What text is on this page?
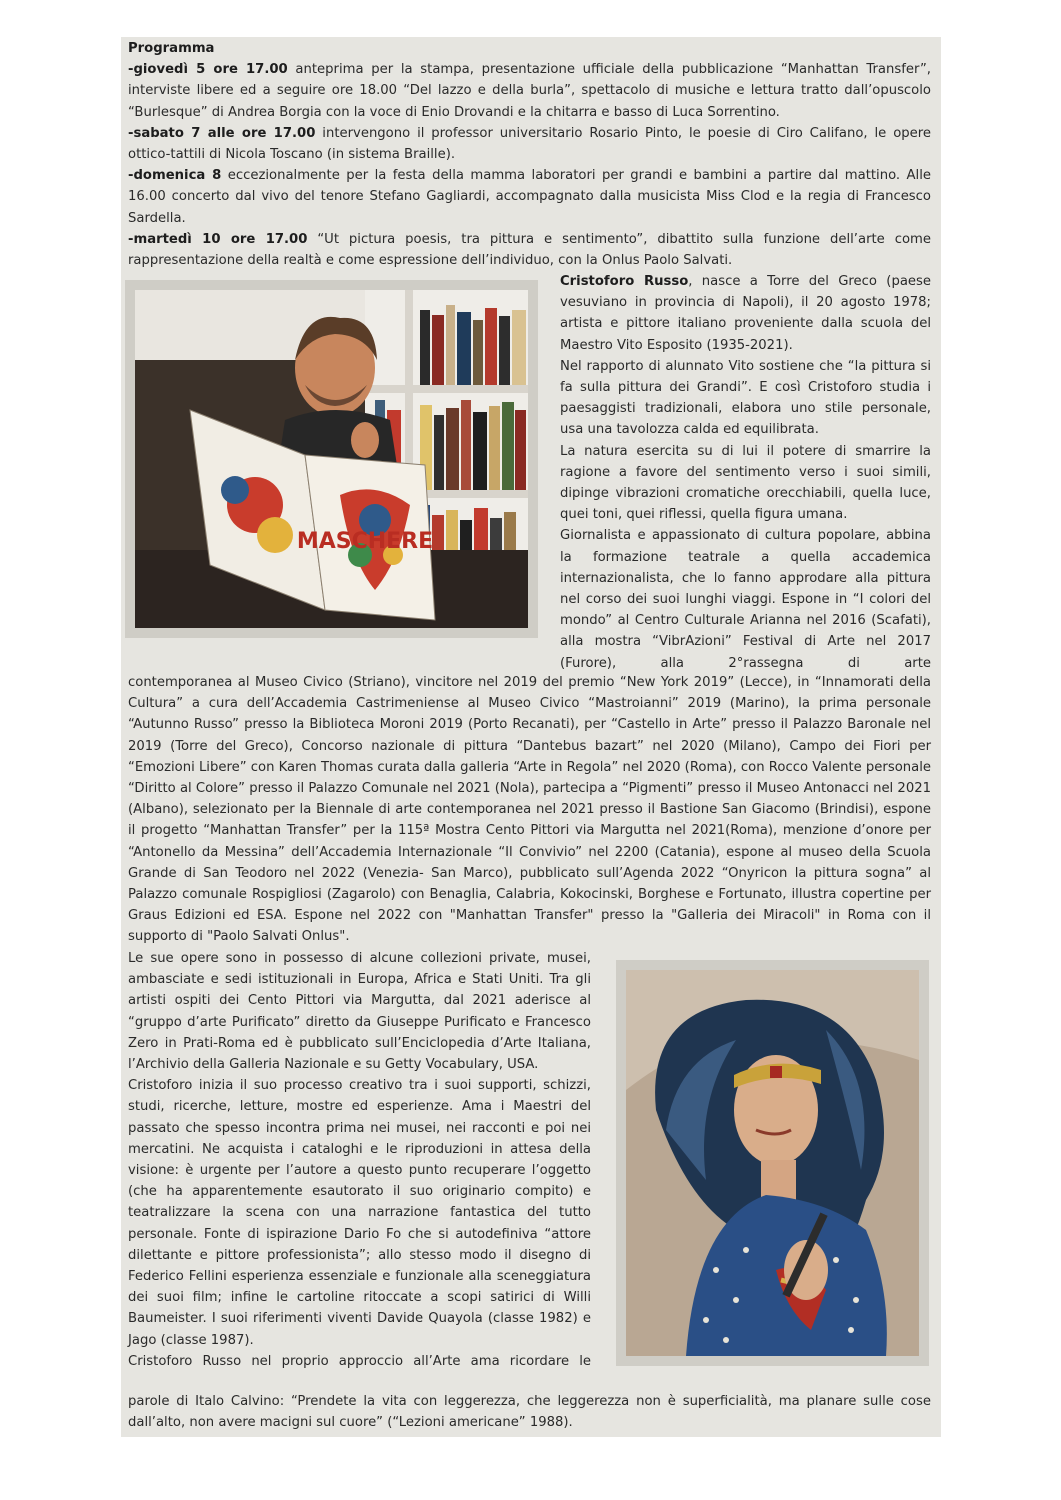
Programma

-giovedì 5 ore 17.00 anteprima per la stampa, presentazione ufficiale della pubblicazione “Manhattan Transfer”, interviste libere ed a seguire ore 18.00 “Del lazzo e della burla”, spettacolo di musiche e lettura tratto dall’opuscolo “Burlesque” di Andrea Borgia con la voce di Enio Drovandi e la chitarra e basso di Luca Sorrentino.

-sabato 7 alle ore 17.00 intervengono il professor universitario Rosario Pinto, le poesie di Ciro Califano, le opere ottico-tattili di Nicola Toscano (in sistema Braille).

-domenica 8 eccezionalmente per la festa della mamma laboratori per grandi e bambini a partire dal mattino. Alle 16.00 concerto dal vivo del tenore Stefano Gagliardi, accompagnato dalla musicista Miss Clod e la regia di Francesco Sardella.

-martedì 10 ore 17.00 “Ut pictura poesis, tra pittura e sentimento”, dibattito sulla funzione dell’arte come rappresentazione della realtà e come espressione dell’individuo, con la Onlus Paolo Salvati.

MASCHERE

Cristoforo Russo, nasce a Torre del Greco (paese vesuviano in provincia di Napoli), il 20 agosto 1978; artista e pittore italiano proveniente dalla scuola del Maestro Vito Esposito (1935-2021).

Nel rapporto di alunnato Vito sostiene che “la pittura si fa sulla pittura dei Grandi”. E così Cristoforo studia i paesaggisti tradizionali, elabora uno stile personale, usa una tavolozza calda ed equilibrata.

La natura esercita su di lui il potere di smarrire la ragione a favore del sentimento verso i suoi simili, dipinge vibrazioni cromatiche orecchiabili, quella luce, quei toni, quei riflessi, quella figura umana.

Giornalista e appassionato di cultura popolare, abbina la formazione teatrale a quella accademica internazionalista, che lo fanno approdare alla pittura nel corso dei suoi lunghi viaggi. Espone in “I colori del mondo” al Centro Culturale Arianna nel 2016 (Scafati), alla mostra “VibrAzioni” Festival di Arte nel 2017 (Furore), alla 2°rassegna di arte

contemporanea al Museo Civico (Striano), vincitore nel 2019 del premio “New York 2019” (Lecce), in “Innamorati della Cultura” a cura dell’Accademia Castrimeniense al Museo Civico “Mastroianni” 2019 (Marino), la prima personale “Autunno Russo” presso la Biblioteca Moroni 2019 (Porto Recanati), per “Castello in Arte” presso il Palazzo Baronale nel 2019 (Torre del Greco), Concorso nazionale di pittura “Dantebus bazart” nel 2020 (Milano), Campo dei Fiori per “Emozioni Libere” con Karen Thomas curata dalla galleria “Arte in Regola” nel 2020 (Roma), con Rocco Valente personale “Diritto al Colore” presso il Palazzo Comunale nel 2021 (Nola), partecipa a “Pigmenti” presso il Museo Antonacci nel 2021 (Albano), selezionato per la Biennale di arte contemporanea nel 2021 presso il Bastione San Giacomo (Brindisi), espone il progetto “Manhattan Transfer” per la 115ª Mostra Cento Pittori via Margutta nel 2021(Roma), menzione d’onore per “Antonello da Messina” dell’Accademia Internazionale “Il Convivio” nel 2200 (Catania), espone al museo della Scuola Grande di San Teodoro nel 2022 (Venezia- San Marco), pubblicato sull’Agenda 2022 “Onyricon la pittura sogna” al Palazzo comunale Rospigliosi (Zagarolo) con Benaglia, Calabria, Kokocinski, Borghese e Fortunato, illustra copertine per Graus Edizioni ed ESA. Espone nel 2022 con "Manhattan Transfer" presso la "Galleria dei Miracoli" in Roma con il supporto di "Paolo Salvati Onlus".

Le sue opere sono in possesso di alcune collezioni private, musei, ambasciate e sedi istituzionali in Europa, Africa e Stati Uniti. Tra gli artisti ospiti dei Cento Pittori via Margutta, dal 2021 aderisce al “gruppo d’arte Purificato” diretto da Giuseppe Purificato e Francesco Zero in Prati-Roma ed è pubblicato sull’Enciclopedia d’Arte Italiana, l’Archivio della Galleria Nazionale e su Getty Vocabulary, USA.

Cristoforo inizia il suo processo creativo tra i suoi supporti, schizzi, studi, ricerche, letture, mostre ed esperienze. Ama i Maestri del passato che spesso incontra prima nei musei, nei racconti e poi nei mercatini. Ne acquista i cataloghi e le riproduzioni in attesa della visione: è urgente per l’autore a questo punto recuperare l’oggetto (che ha apparentemente esautorato il suo originario compito) e teatralizzare la scena con una narrazione fantastica del tutto personale. Fonte di ispirazione Dario Fo che si autodefiniva “attore dilettante e pittore professionista”; allo stesso modo il disegno di Federico Fellini esperienza essenziale e funzionale alla sceneggiatura dei suoi film; infine le cartoline ritoccate a scopi satirici di Willi Baumeister. I suoi riferimenti viventi Davide Quayola (classe 1982) e Jago (classe 1987).

Cristoforo Russo nel proprio approccio all’Arte ama ricordare le

parole di Italo Calvino: “Prendete la vita con leggerezza, che leggerezza non è superficialità, ma planare sulle cose dall’alto, non avere macigni sul cuore” (“Lezioni americane” 1988).
